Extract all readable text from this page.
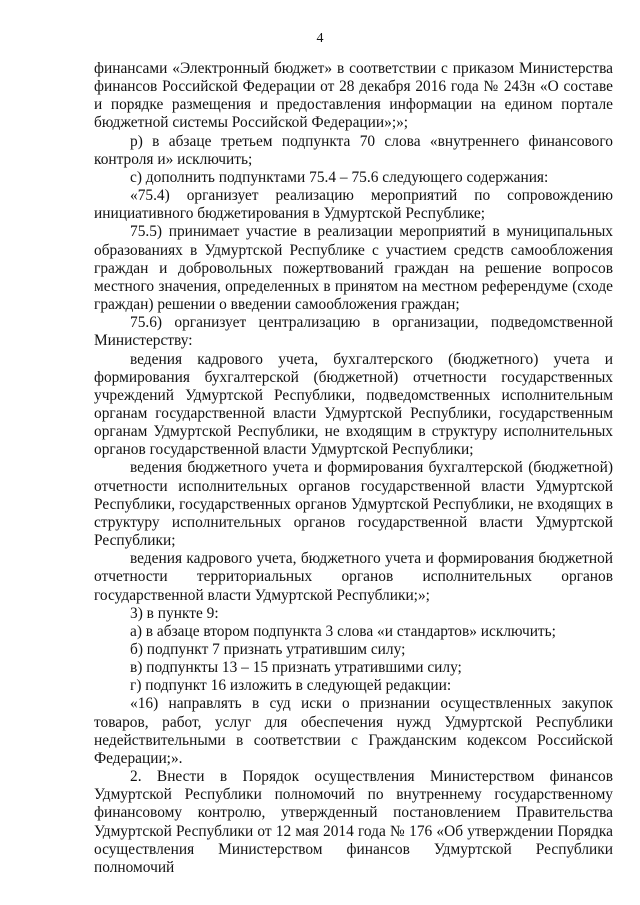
4

финансами «Электронный бюджет» в соответствии с приказом Министерства финансов Российской Федерации от 28 декабря 2016 года № 243н «О составе и порядке размещения и предоставления информации на едином портале бюджетной системы Российской Федерации»;»;

р) в абзаце третьем подпункта 70 слова «внутреннего финансового контроля и» исключить;

с) дополнить подпунктами 75.4 – 75.6 следующего содержания:

«75.4) организует реализацию мероприятий по сопровождению инициативного бюджетирования в Удмуртской Республике;

75.5) принимает участие в реализации мероприятий в муниципальных образованиях в Удмуртской Республике с участием средств самообложения граждан и добровольных пожертвований граждан на решение вопросов местного значения, определенных в принятом на местном референдуме (сходе граждан) решении о введении самообложения граждан;

75.6) организует централизацию в организации, подведомственной Министерству:

ведения кадрового учета, бухгалтерского (бюджетного) учета и формирования бухгалтерской (бюджетной) отчетности государственных учреждений Удмуртской Республики, подведомственных исполнительным органам государственной власти Удмуртской Республики, государственным органам Удмуртской Республики, не входящим в структуру исполнительных органов государственной власти Удмуртской Республики;

ведения бюджетного учета и формирования бухгалтерской (бюджетной) отчетности исполнительных органов государственной власти Удмуртской Республики, государственных органов Удмуртской Республики, не входящих в структуру исполнительных органов государственной власти Удмуртской Республики;

ведения кадрового учета, бюджетного учета и формирования бюджетной отчетности территориальных органов исполнительных органов государственной власти Удмуртской Республики;»;

3) в пункте 9:

а) в абзаце втором подпункта 3 слова «и стандартов» исключить;

б) подпункт 7 признать утратившим силу;

в) подпункты 13 – 15 признать утратившими силу;

г) подпункт 16 изложить в следующей редакции:

«16) направлять в суд иски о признании осуществленных закупок товаров, работ, услуг для обеспечения нужд Удмуртской Республики недействительными в соответствии с Гражданским кодексом Российской Федерации;».

2. Внести в Порядок осуществления Министерством финансов Удмуртской Республики полномочий по внутреннему государственному финансовому контролю, утвержденный постановлением Правительства Удмуртской Республики от 12 мая 2014 года № 176 «Об утверждении Порядка осуществления Министерством финансов Удмуртской Республики полномочий
